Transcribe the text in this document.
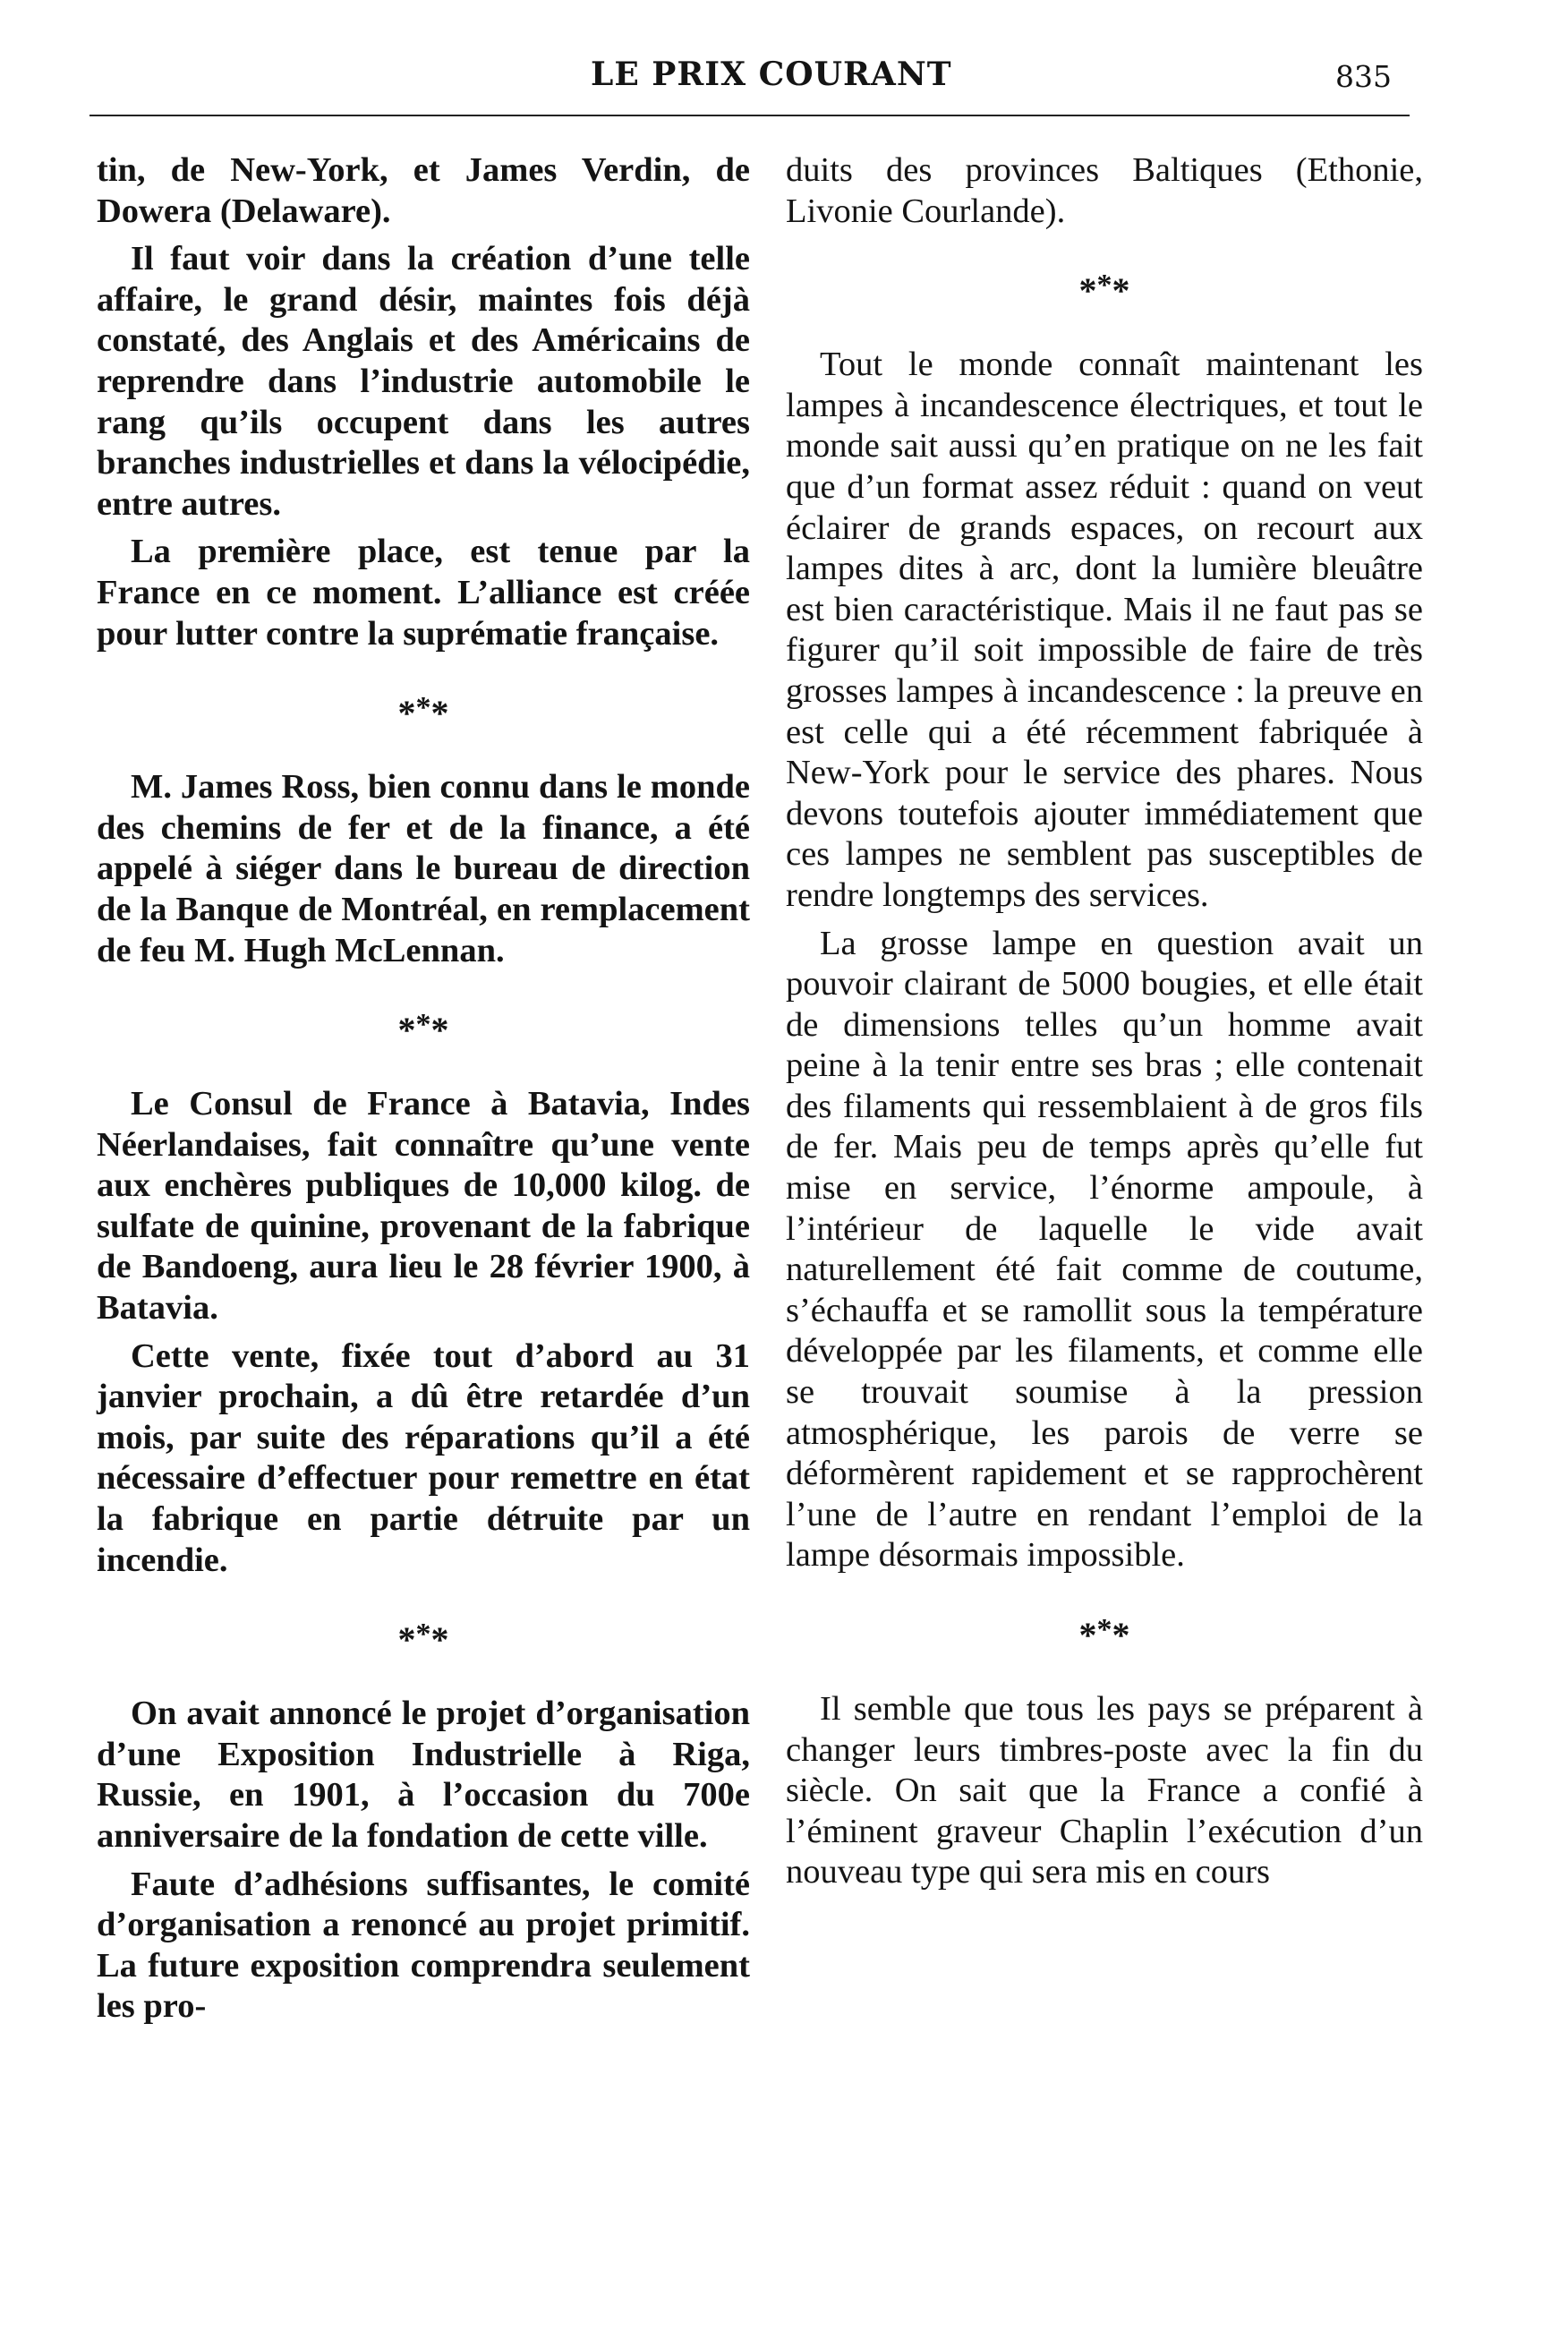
LE PRIX COURANT	835

tin, de New-York, et James Verdin, de Dowera (Delaware).

Il faut voir dans la création d’une telle affaire, le grand désir, maintes fois déjà constaté, des Anglais et des Américains de reprendre dans l’industrie automobile le rang qu’ils occupent dans les autres branches industrielles et dans la vélocipédie, entre autres.

La première place, est tenue par la France en ce moment. L’alliance est créée pour lutter contre la suprématie française.

***

M. James Ross, bien connu dans le monde des chemins de fer et de la finance, a été appelé à siéger dans le bureau de direction de la Banque de Montréal, en remplacement de feu M. Hugh McLennan.

***

Le Consul de France à Batavia, Indes Néerlandaises, fait connaître qu’une vente aux enchères publiques de 10,000 kilog. de sulfate de quinine, provenant de la fabrique de Bandoeng, aura lieu le 28 février 1900, à Batavia.

Cette vente, fixée tout d’abord au 31 janvier prochain, a dû être retardée d’un mois, par suite des réparations qu’il a été nécessaire d’effectuer pour remettre en état la fabrique en partie détruite par un incendie.

***

On avait annoncé le projet d’organisation d’une Exposition Industrielle à Riga, Russie, en 1901, à l’occasion du 700e anniversaire de la fondation de cette ville.

Faute d’adhésions suffisantes, le comité d’organisation a renoncé au projet primitif. La future exposition comprendra seulement les pro-

duits des provinces Baltiques (Ethonie, Livonie Courlande).

***

Tout le monde connaît maintenant les lampes à incandescence électriques, et tout le monde sait aussi qu’en pratique on ne les fait que d’un format assez réduit : quand on veut éclairer de grands espaces, on recourt aux lampes dites à arc, dont la lumière bleuâtre est bien caractéristique. Mais il ne faut pas se figurer qu’il soit impossible de faire de très grosses lampes à incandescence : la preuve en est celle qui a été récemment fabriquée à New-York pour le service des phares. Nous devons toutefois ajouter immédiatement que ces lampes ne semblent pas susceptibles de rendre longtemps des services.

La grosse lampe en question avait un pouvoir clairant de 5000 bougies, et elle était de dimensions telles qu’un homme avait peine à la tenir entre ses bras ; elle contenait des filaments qui ressemblaient à de gros fils de fer. Mais peu de temps après qu’elle fut mise en service, l’énorme ampoule, à l’intérieur de laquelle le vide avait naturellement été fait comme de coutume, s’échauffa et se ramollit sous la température développée par les filaments, et comme elle se trouvait soumise à la pression atmosphérique, les parois de verre se déformèrent rapidement et se rapprochèrent l’une de l’autre en rendant l’emploi de la lampe désormais impossible.

***

Il semble que tous les pays se préparent à changer leurs timbres-poste avec la fin du siècle. On sait que la France a confié à l’éminent graveur Chaplin l’exécution d’un nouveau type qui sera mis en cours
